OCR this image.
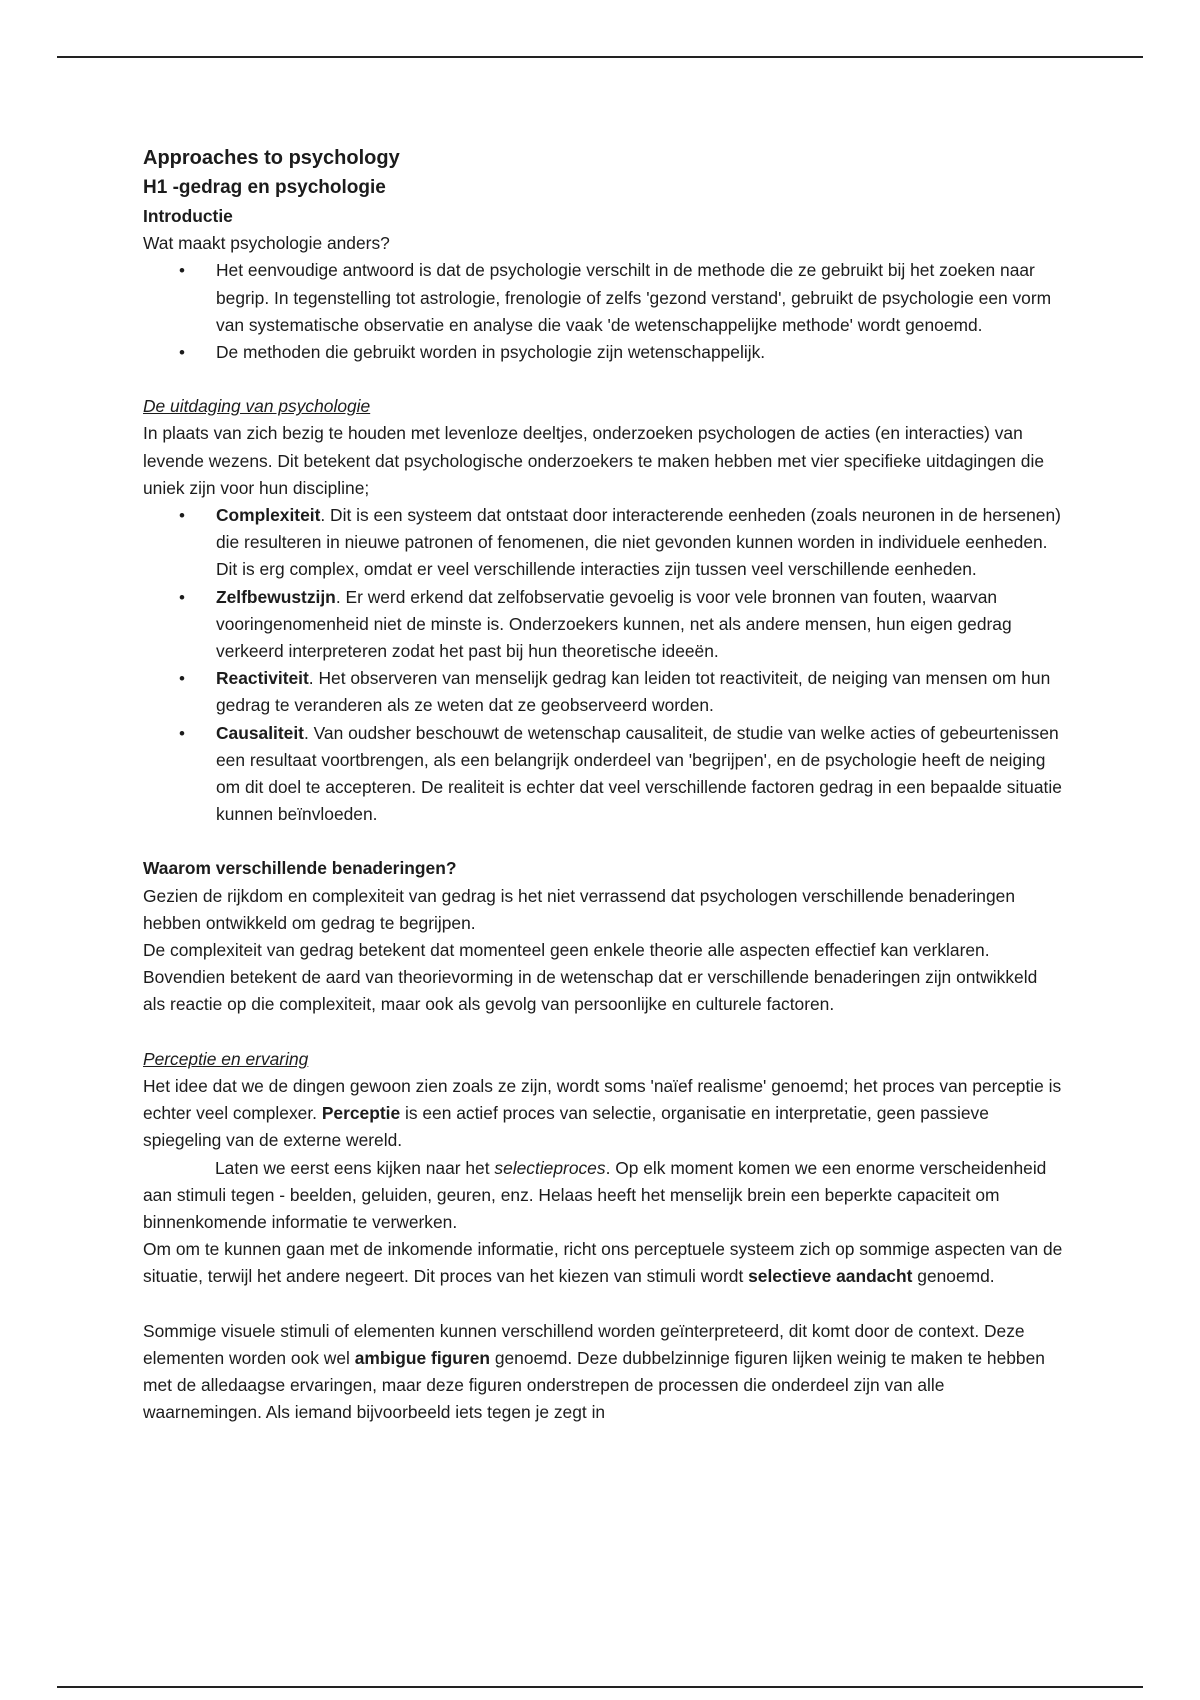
Approaches to psychology

H1 -gedrag en psychologie

Introductie

Wat maakt psychologie anders?

• Het eenvoudige antwoord is dat de psychologie verschilt in de methode die ze gebruikt bij het zoeken naar begrip. In tegenstelling tot astrologie, frenologie of zelfs 'gezond verstand', gebruikt de psychologie een vorm van systematische observatie en analyse die vaak 'de wetenschappelijke methode' wordt genoemd.
• De methoden die gebruikt worden in psychologie zijn wetenschappelijk.

De uitdaging van psychologie

In plaats van zich bezig te houden met levenloze deeltjes, onderzoeken psychologen de acties (en interacties) van levende wezens. Dit betekent dat psychologische onderzoekers te maken hebben met vier specifieke uitdagingen die uniek zijn voor hun discipline;

• Complexiteit. Dit is een systeem dat ontstaat door interacterende eenheden (zoals neuronen in de hersenen) die resulteren in nieuwe patronen of fenomenen, die niet gevonden kunnen worden in individuele eenheden. Dit is erg complex, omdat er veel verschillende interacties zijn tussen veel verschillende eenheden.
• Zelfbewustzijn. Er werd erkend dat zelfobservatie gevoelig is voor vele bronnen van fouten, waarvan vooringenomenheid niet de minste is. Onderzoekers kunnen, net als andere mensen, hun eigen gedrag verkeerd interpreteren zodat het past bij hun theoretische ideeën.
• Reactiviteit. Het observeren van menselijk gedrag kan leiden tot reactiviteit, de neiging van mensen om hun gedrag te veranderen als ze weten dat ze geobserveerd worden.
• Causaliteit. Van oudsher beschouwt de wetenschap causaliteit, de studie van welke acties of gebeurtenissen een resultaat voortbrengen, als een belangrijk onderdeel van 'begrijpen', en de psychologie heeft de neiging om dit doel te accepteren. De realiteit is echter dat veel verschillende factoren gedrag in een bepaalde situatie kunnen beïnvloeden.

Waarom verschillende benaderingen?

Gezien de rijkdom en complexiteit van gedrag is het niet verrassend dat psychologen verschillende benaderingen hebben ontwikkeld om gedrag te begrijpen.

De complexiteit van gedrag betekent dat momenteel geen enkele theorie alle aspecten effectief kan verklaren. Bovendien betekent de aard van theorievorming in de wetenschap dat er verschillende benaderingen zijn ontwikkeld als reactie op die complexiteit, maar ook als gevolg van persoonlijke en culturele factoren.

Perceptie en ervaring

Het idee dat we de dingen gewoon zien zoals ze zijn, wordt soms 'naïef realisme' genoemd; het proces van perceptie is echter veel complexer. Perceptie is een actief proces van selectie, organisatie en interpretatie, geen passieve spiegeling van de externe wereld.

Laten we eerst eens kijken naar het selectieproces. Op elk moment komen we een enorme verscheidenheid aan stimuli tegen - beelden, geluiden, geuren, enz. Helaas heeft het menselijk brein een beperkte capaciteit om binnenkomende informatie te verwerken.

Om om te kunnen gaan met de inkomende informatie, richt ons perceptuele systeem zich op sommige aspecten van de situatie, terwijl het andere negeert. Dit proces van het kiezen van stimuli wordt selectieve aandacht genoemd.

Sommige visuele stimuli of elementen kunnen verschillend worden geïnterpreteerd, dit komt door de context. Deze elementen worden ook wel ambigue figuren genoemd. Deze dubbelzinnige figuren lijken weinig te maken te hebben met de alledaagse ervaringen, maar deze figuren onderstrepen de processen die onderdeel zijn van alle waarnemingen. Als iemand bijvoorbeeld iets tegen je zegt in
